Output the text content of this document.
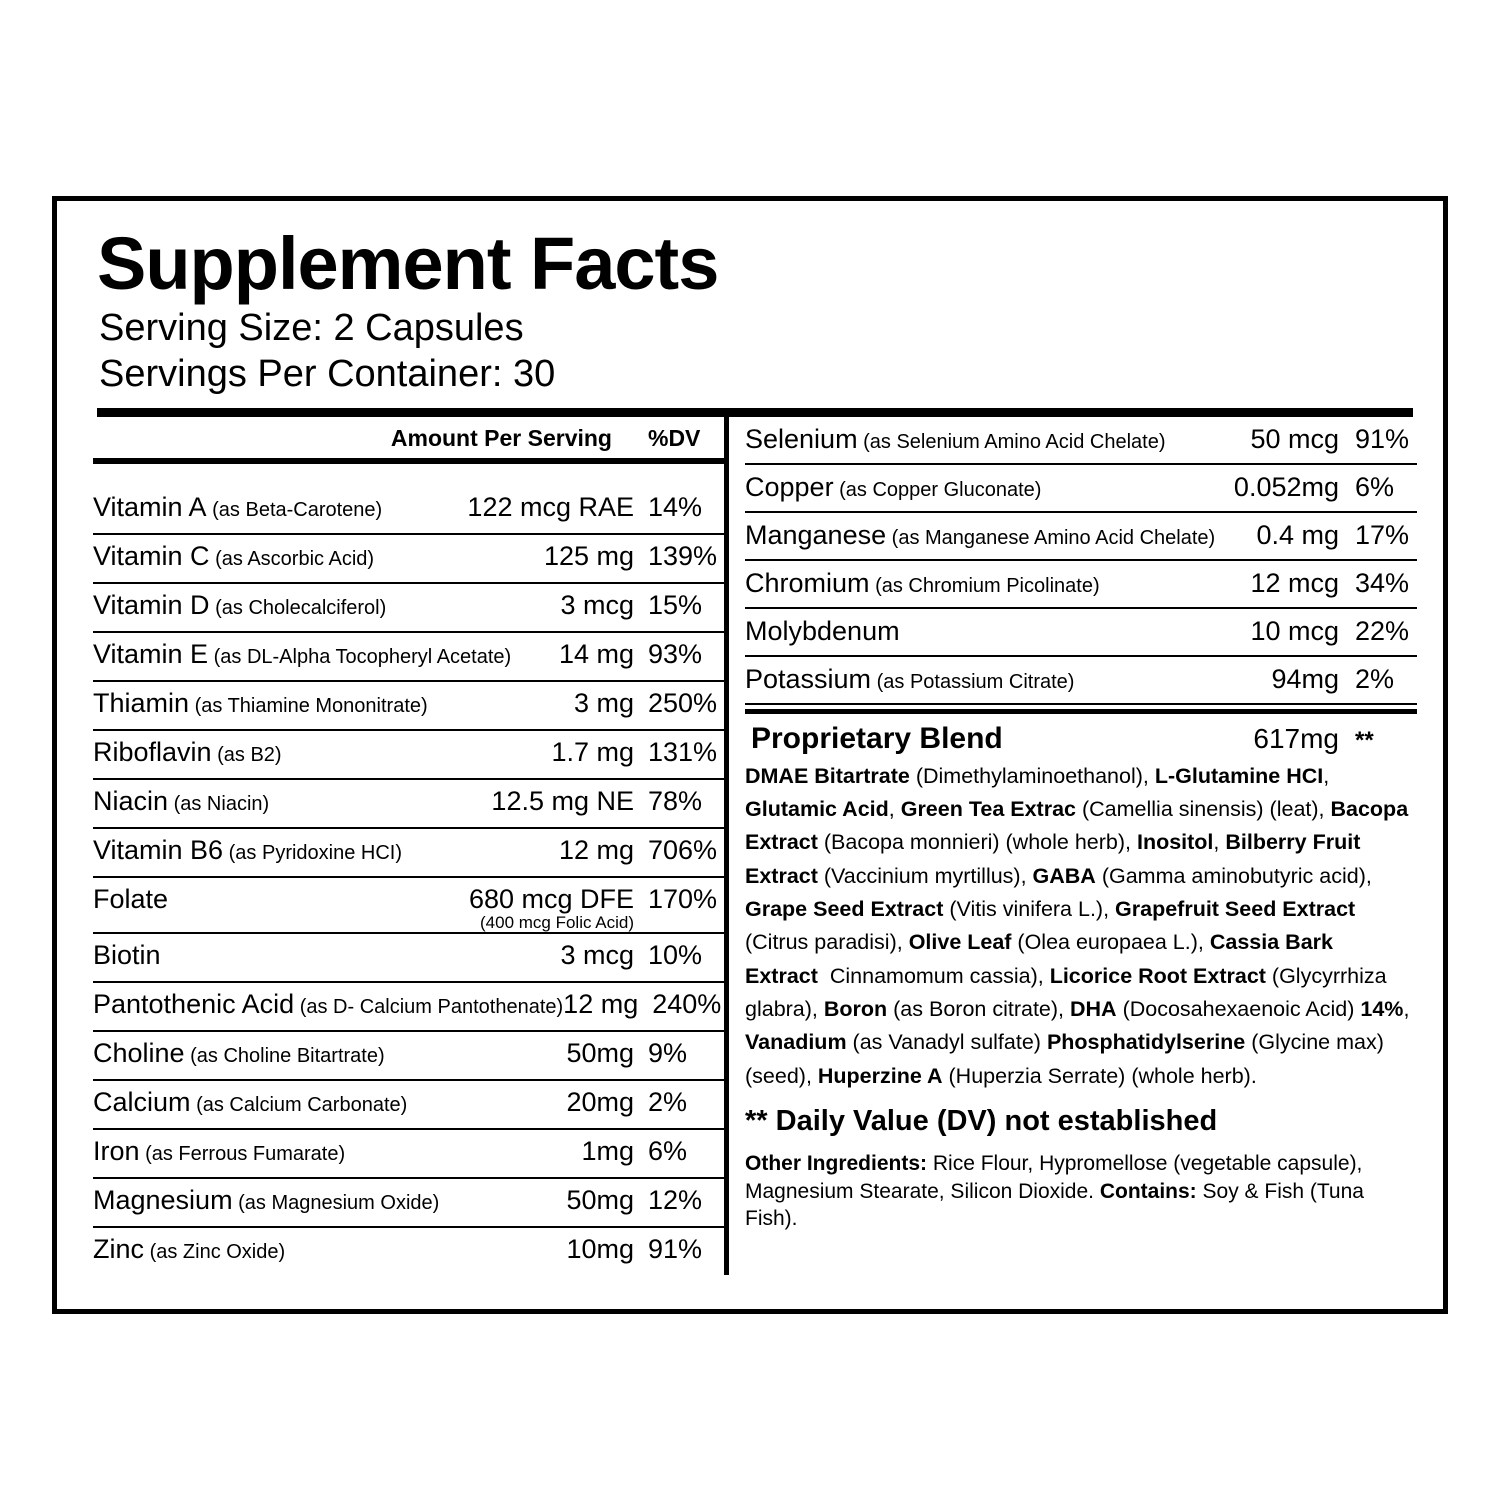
Supplement Facts
Serving Size: 2 Capsules
Servings Per Container: 30
Amount Per Serving %DV
Vitamin A (as Beta-Carotene)	122 mcg RAE 14%
Vitamin C (as Ascorbic Acid)	125 mg 139%
Vitamin D (as Cholecalciferol)	3 mcg 15%
Vitamin E (as DL-Alpha Tocopheryl Acetate)	14 mg 93%
Thiamin (as Thiamine Mononitrate)	3 mg 250%
Riboflavin (as B2)	1.7 mg 131%
Niacin (as Niacin)	12.5 mg NE 78%
Vitamin B6 (as Pyridoxine HCI)	12 mg 706%
Folate	680 mcg DFE 170%
(400 mcg Folic Acid)
Biotin	3 mcg 10%
Pantothenic Acid (as D- Calcium Pantothenate) 12 mg 240%
Choline (as Choline Bitartrate)	50mg 9%
Calcium (as Calcium Carbonate)	20mg 2%
Iron (as Ferrous Fumarate)	1mg 6%
Magnesium (as Magnesium Oxide)	50mg 12%
Zinc (as Zinc Oxide)	10mg 91%
Selenium (as Selenium Amino Acid Chelate)	50 mcg 91%
Copper (as Copper Gluconate)	0.052mg 6%
Manganese (as Manganese Amino Acid Chelate)	0.4 mg 17%
Chromium (as Chromium Picolinate)	12 mcg 34%
Molybdenum	10 mcg 22%
Potassium (as Potassium Citrate)	94mg 2%
Proprietary Blend	617mg **
DMAE Bitartrate (Dimethylaminoethanol), L-Glutamine HCI, Glutamic Acid, Green Tea Extrac (Camellia sinensis) (leat), Bacopa Extract (Bacopa monnieri) (whole herb), Inositol, Bilberry Fruit Extract (Vaccinium myrtillus), GABA (Gamma aminobutyric acid), Grape Seed Extract (Vitis vinifera L.), Grapefruit Seed Extract (Citrus paradisi), Olive Leaf (Olea europaea L.), Cassia Bark Extract  Cinnamomum cassia), Licorice Root Extract (Glycyrrhiza glabra), Boron (as Boron citrate), DHA (Docosahexaenoic Acid) 14%, Vanadium (as Vanadyl sulfate) Phosphatidylserine (Glycine max)(seed), Huperzine A (Huperzia Serrate) (whole herb).
** Daily Value (DV) not established
Other Ingredients: Rice Flour, Hypromellose (vegetable capsule), Magnesium Stearate, Silicon Dioxide. Contains: Soy & Fish (Tuna Fish).
